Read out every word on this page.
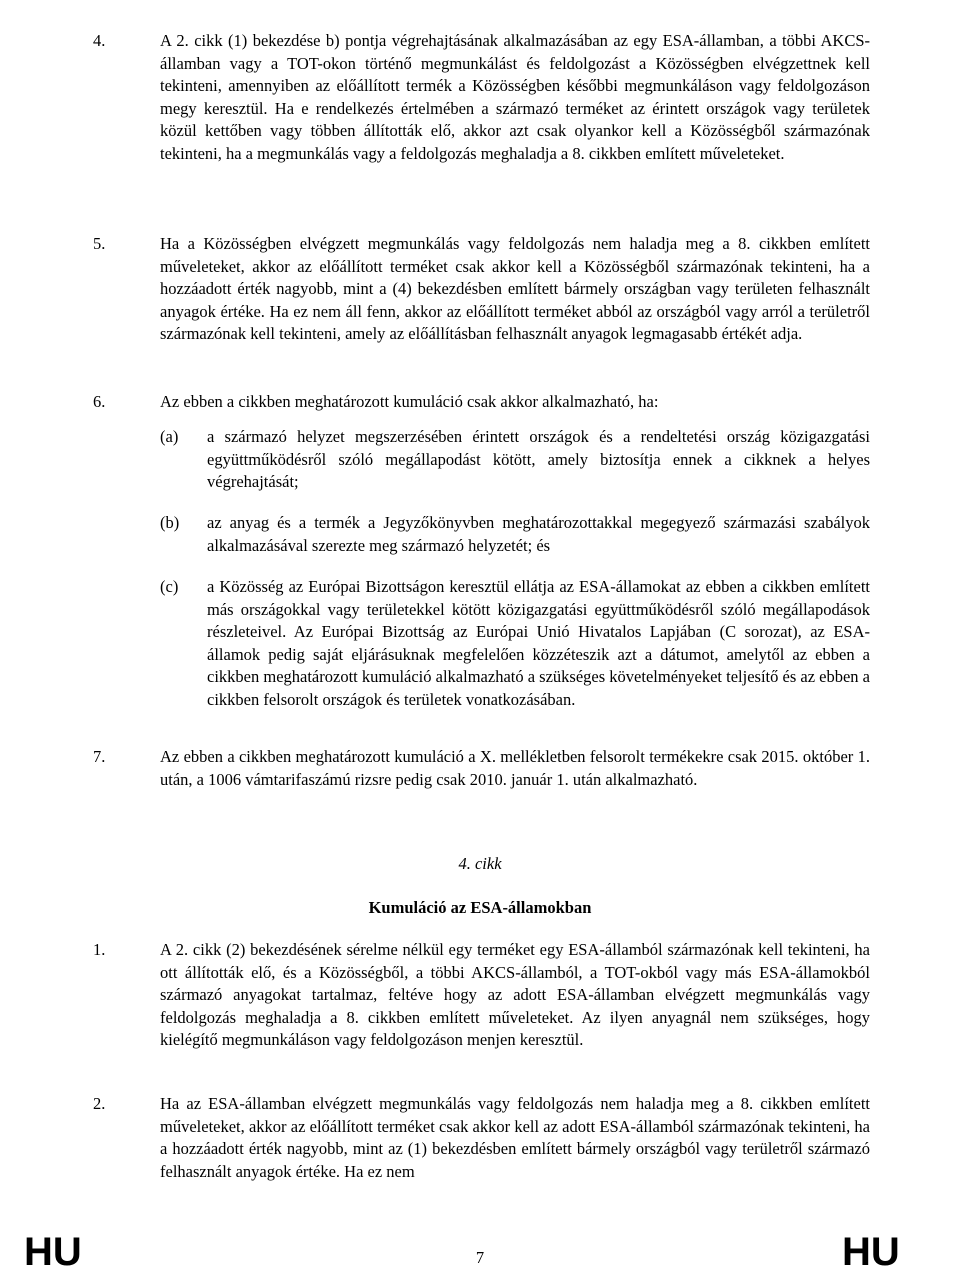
4.	A 2. cikk (1) bekezdése b) pontja végrehajtásának alkalmazásában az egy ESA-államban, a többi AKCS-államban vagy a TOT-okon történő megmunkálást és feldolgozást a Közösségben elvégzettnek kell tekinteni, amennyiben az előállított termék a Közösségben későbbi megmunkáláson vagy feldolgozáson megy keresztül. Ha e rendelkezés értelmében a származó terméket az érintett országok vagy területek közül kettőben vagy többen állították elő, akkor azt csak olyankor kell a Közösségből származónak tekinteni, ha a megmunkálás vagy a feldolgozás meghaladja a 8. cikkben említett műveleteket.
5.	Ha a Közösségben elvégzett megmunkálás vagy feldolgozás nem haladja meg a 8. cikkben említett műveleteket, akkor az előállított terméket csak akkor kell a Közösségből származónak tekinteni, ha a hozzáadott érték nagyobb, mint a (4) bekezdésben említett bármely országban vagy területen felhasznált anyagok értéke. Ha ez nem áll fenn, akkor az előállított terméket abból az országból vagy arról a területről származónak kell tekinteni, amely az előállításban felhasznált anyagok legmagasabb értékét adja.
6.	Az ebben a cikkben meghatározott kumuláció csak akkor alkalmazható, ha:
(a) a származó helyzet megszerzésében érintett országok és a rendeltetési ország közigazgatási együttműködésről szóló megállapodást kötött, amely biztosítja ennek a cikknek a helyes végrehajtását;
(b) az anyag és a termék a Jegyzőkönyvben meghatározottakkal megegyező származási szabályok alkalmazásával szerezte meg származó helyzetét; és
(c) a Közösség az Európai Bizottságon keresztül ellátja az ESA-államokat az ebben a cikkben említett más országokkal vagy területekkel kötött közigazgatási együttműködésről szóló megállapodások részleteivel. Az Európai Bizottság az Európai Unió Hivatalos Lapjában (C sorozat), az ESA-államok pedig saját eljárásuknak megfelelően közzéteszik azt a dátumot, amelytől az ebben a cikkben meghatározott kumuláció alkalmazható a szükséges követelményeket teljesítő és az ebben a cikkben felsorolt országok és területek vonatkozásában.
7.	Az ebben a cikkben meghatározott kumuláció a X. mellékletben felsorolt termékekre csak 2015. október 1. után, a 1006 vámtarifaszámú rizsre pedig csak 2010. január 1. után alkalmazható.
4. cikk
Kumuláció az ESA-államokban
1.	A 2. cikk (2) bekezdésének sérelme nélkül egy terméket egy ESA-államból származónak kell tekinteni, ha ott állították elő, és a Közösségből, a többi AKCS-államból, a TOT-okból vagy más ESA-államokból származó anyagokat tartalmaz, feltéve hogy az adott ESA-államban elvégzett megmunkálás vagy feldolgozás meghaladja a 8. cikkben említett műveleteket. Az ilyen anyagnál nem szükséges, hogy kielégítő megmunkáláson vagy feldolgozáson menjen keresztül.
2.	Ha az ESA-államban elvégzett megmunkálás vagy feldolgozás nem haladja meg a 8. cikkben említett műveleteket, akkor az előállított terméket csak akkor kell az adott ESA-államból származónak tekinteni, ha a hozzáadott érték nagyobb, mint az (1) bekezdésben említett bármely országból vagy területről származó felhasznált anyagok értéke. Ha ez nem
HU	7	HU
